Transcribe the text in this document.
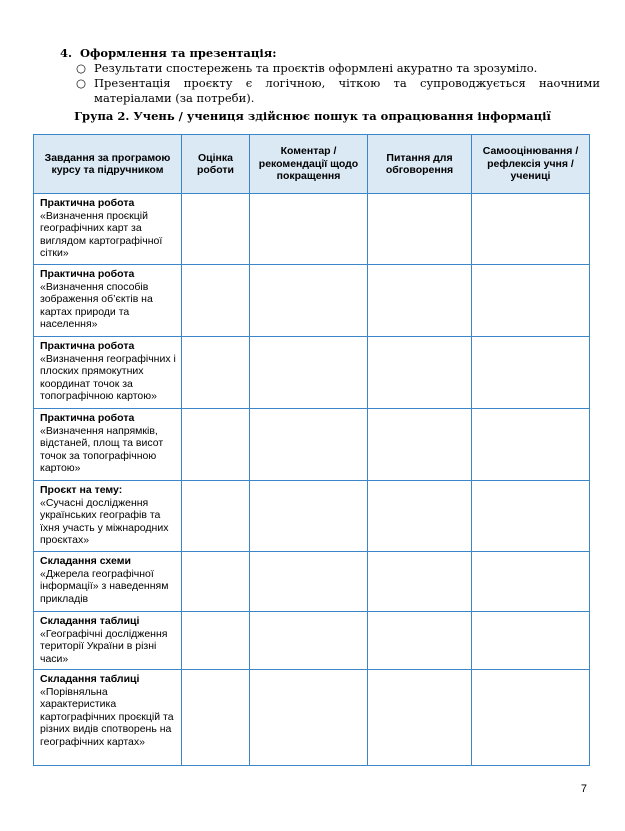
4. Оформлення та презентація:
○ Результати спостережень та проєктів оформлені акуратно та зрозуміло.
○ Презентація проєкту є логічною, чіткою та супроводжується наочними матеріалами (за потреби).
Група 2. Учень / учениця здійснює пошук та опрацювання інформації
Завдання за програмою курсу та підручником	Оцінка роботи	Коментар / рекомендації щодо покращення	Питання для обговорення	Самооцінювання / рефлексія учня / учениці

Практична робота
«Визначення проєкцій географічних карт за виглядом картографічної сітки»				

Практична робота
«Визначення способів зображення об’єктів на картах природи та населення»				

Практична робота
«Визначення географічних і плоских прямокутних координат точок за топографічною картою»				

Практична робота
«Визначення напрямків, відстаней, площ та висот точок за топографічною картою»				

Проєкт на тему:
«Сучасні дослідження українських географів та їхня участь у міжнародних проєктах»				

Складання схеми
«Джерела географічної інформації» з наведенням прикладів				

Складання таблиці
«Географічні дослідження території України в різні часи»				

Складання таблиці
«Порівняльна характеристика картографічних проєкцій та різних видів спотворень на географічних картах»				

7
